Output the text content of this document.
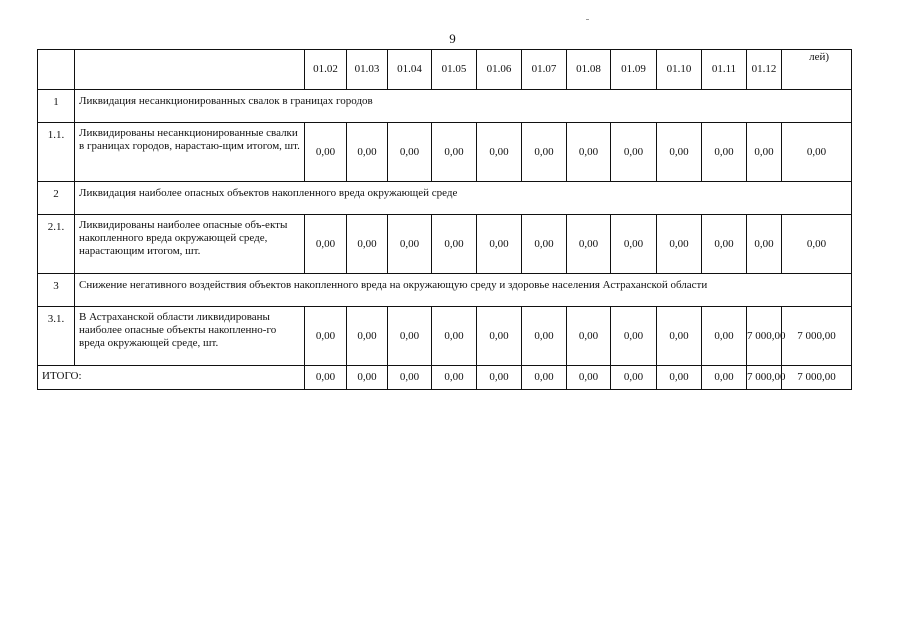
9
		01.02	01.03	01.04	01.05	01.06	01.07	01.08	01.09	01.10	01.11	01.12	лей)
1	Ликвидация несанкционированных свалок в границах городов												
1.1.	Ликвидированы несанкционированные свалки в границах городов, нарастаю-щим итогом, шт.	0,00	0,00	0,00	0,00	0,00	0,00	0,00	0,00	0,00	0,00	0,00	0,00
2	Ликвидация наиболее опасных объектов накопленного вреда окружающей среде												
2.1.	Ликвидированы наиболее опасные объ-екты накопленного вреда окружающей среде, нарастающим итогом, шт.	0,00	0,00	0,00	0,00	0,00	0,00	0,00	0,00	0,00	0,00	0,00	0,00
3	Снижение негативного воздействия объектов накопленного вреда на окружающую среду и здоровье населения Астраханской области												
3.1.	В Астраханской области ликвидированы наиболее опасные объекты накопленно-го вреда окружающей среде, шт.	0,00	0,00	0,00	0,00	0,00	0,00	0,00	0,00	0,00	0,00	7 000,00	7 000,00
ИТОГО:		0,00	0,00	0,00	0,00	0,00	0,00	0,00	0,00	0,00	0,00	7 000,00	7 000,00
